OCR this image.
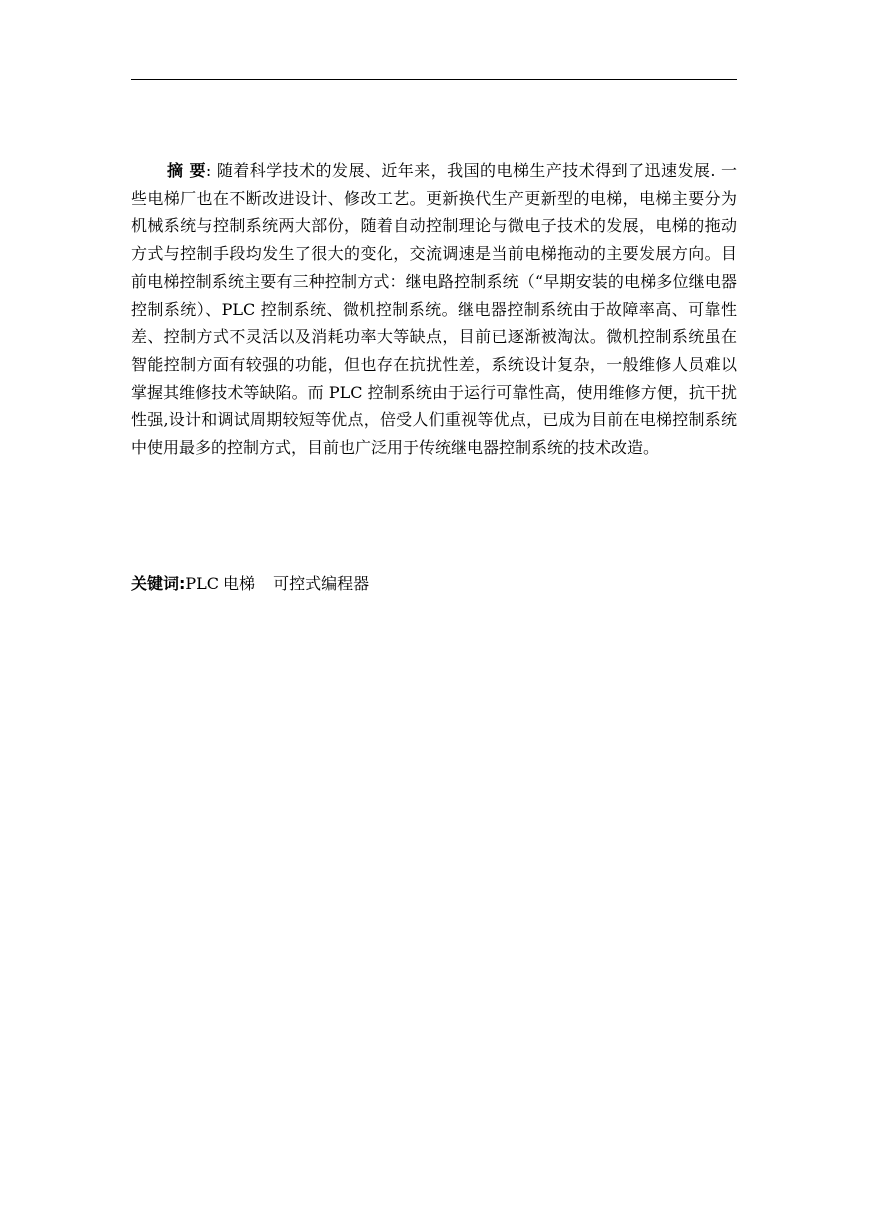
摘 要: 随着科学技术的发展、近年来，我国的电梯生产技术得到了迅速发展. 一些电梯厂也在不断改进设计、修改工艺。更新换代生产更新型的电梯，电梯主要分为机械系统与控制系统两大部份，随着自动控制理论与微电子技术的发展，电梯的拖动方式与控制手段均发生了很大的变化，交流调速是当前电梯拖动的主要发展方向。目前电梯控制系统主要有三种控制方式：继电路控制系统（“早期安装的电梯多位继电器控制系统）、PLC 控制系统、微机控制系统。继电器控制系统由于故障率高、可靠性差、控制方式不灵活以及消耗功率大等缺点，目前已逐渐被淘汰。微机控制系统虽在智能控制方面有较强的功能，但也存在抗扰性差，系统设计复杂，一般维修人员难以掌握其维修技术等缺陷。而 PLC 控制系统由于运行可靠性高，使用维修方便，抗干扰性强,设计和调试周期较短等优点，倍受人们重视等优点，已成为目前在电梯控制系统中使用最多的控制方式，目前也广泛用于传统继电器控制系统的技术改造。

关键词:PLC 电梯 可控式编程器
